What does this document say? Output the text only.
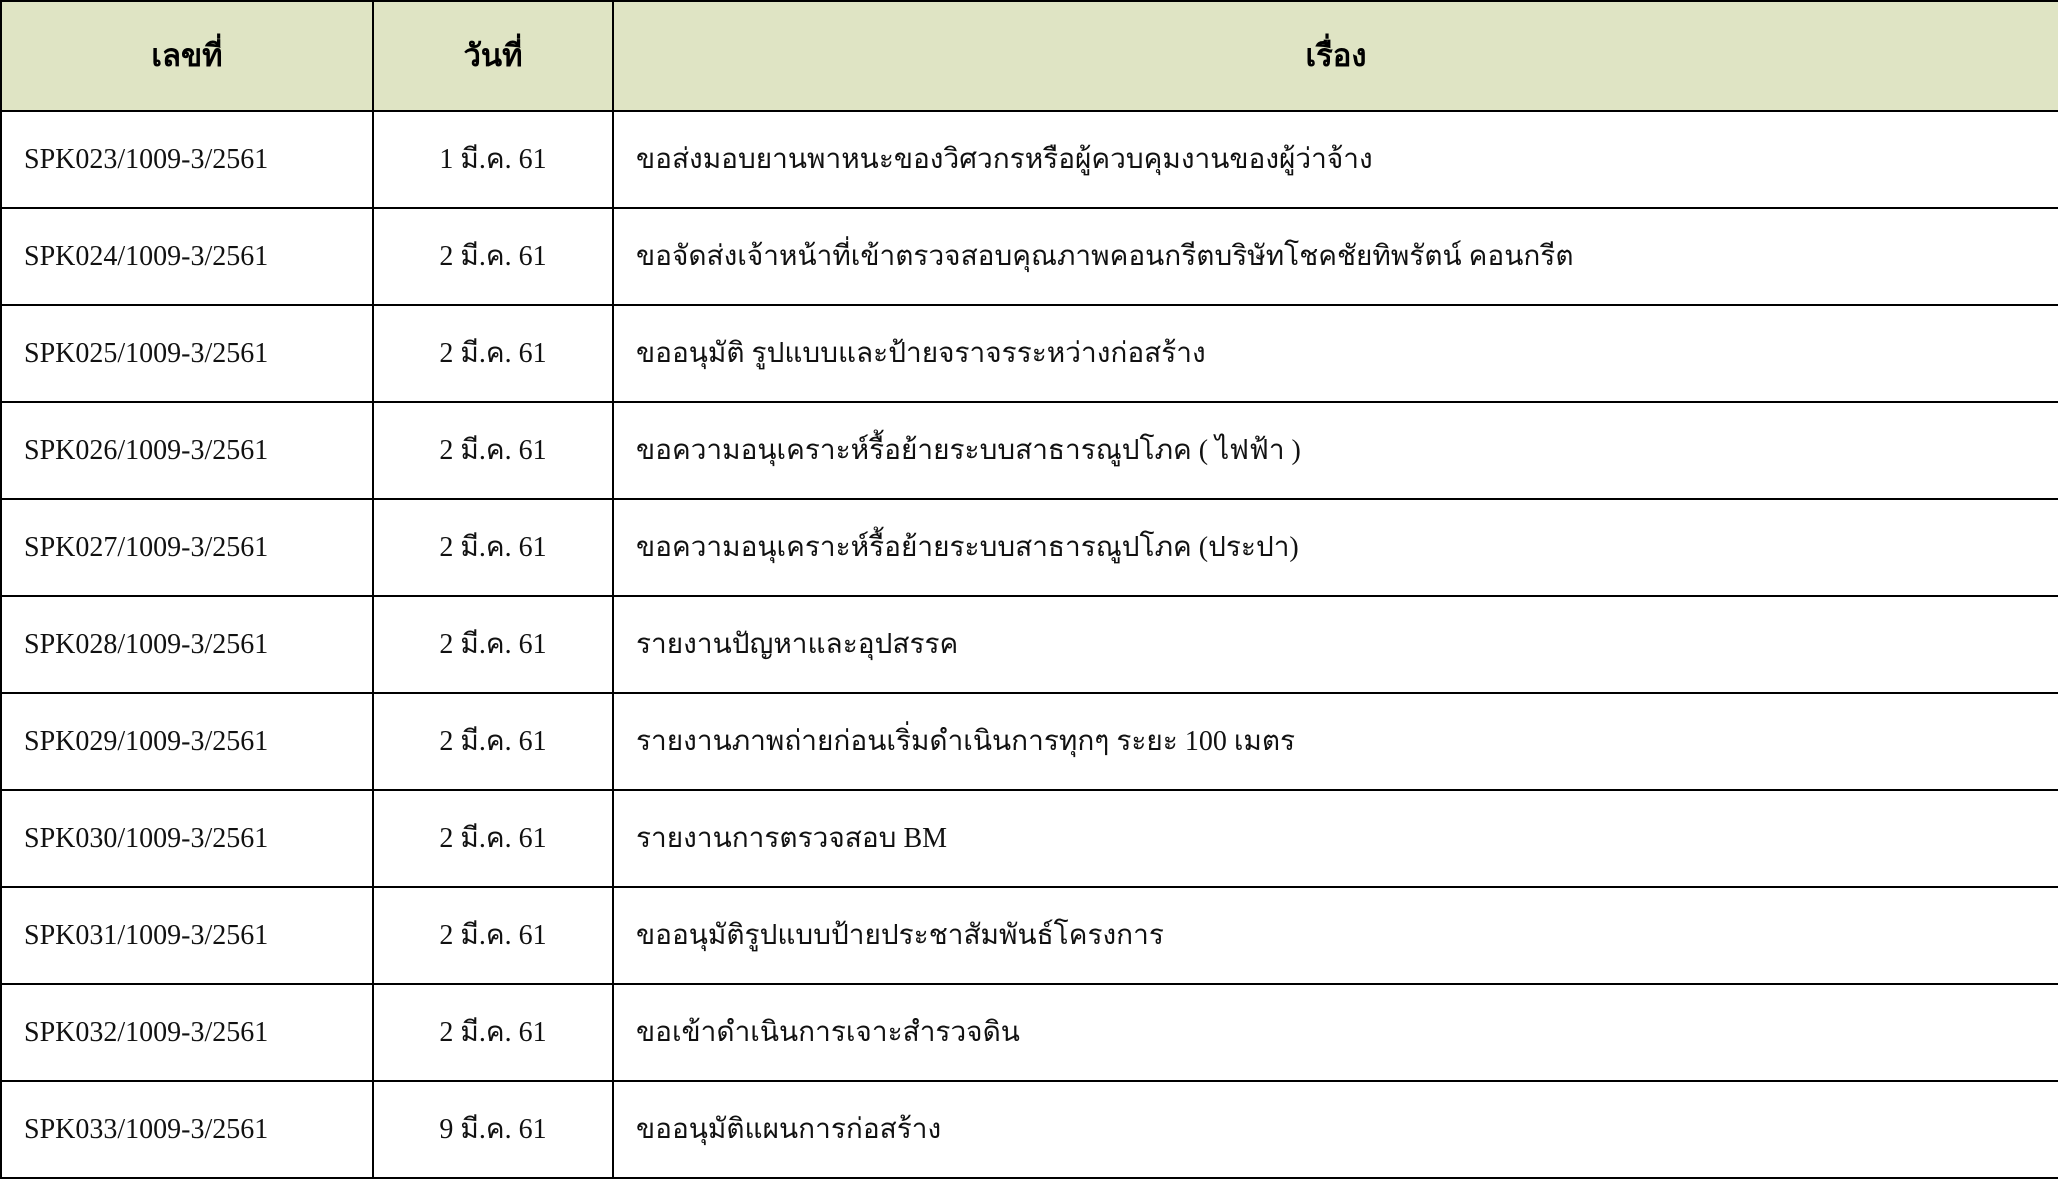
เลขที่	วันที่	เรื่อง
SPK023/1009-3/2561	1 มี.ค. 61	ขอส่งมอบยานพาหนะของวิศวกรหรือผู้ควบคุมงานของผู้ว่าจ้าง
SPK024/1009-3/2561	2 มี.ค. 61	ขอจัดส่งเจ้าหน้าที่เข้าตรวจสอบคุณภาพคอนกรีตบริษัทโชคชัยทิพรัตน์ คอนกรีต
SPK025/1009-3/2561	2 มี.ค. 61	ขออนุมัติ รูปแบบและป้ายจราจรระหว่างก่อสร้าง
SPK026/1009-3/2561	2 มี.ค. 61	ขอความอนุเคราะห์รื้อย้ายระบบสาธารณูปโภค ( ไฟฟ้า )
SPK027/1009-3/2561	2 มี.ค. 61	ขอความอนุเคราะห์รื้อย้ายระบบสาธารณูปโภค (ประปา)
SPK028/1009-3/2561	2 มี.ค. 61	รายงานปัญหาและอุปสรรค
SPK029/1009-3/2561	2 มี.ค. 61	รายงานภาพถ่ายก่อนเริ่มดำเนินการทุกๆ ระยะ 100 เมตร
SPK030/1009-3/2561	2 มี.ค. 61	รายงานการตรวจสอบ BM
SPK031/1009-3/2561	2 มี.ค. 61	ขออนุมัติรูปแบบป้ายประชาสัมพันธ์โครงการ
SPK032/1009-3/2561	2 มี.ค. 61	ขอเข้าดำเนินการเจาะสำรวจดิน
SPK033/1009-3/2561	9 มี.ค. 61	ขออนุมัติแผนการก่อสร้าง
